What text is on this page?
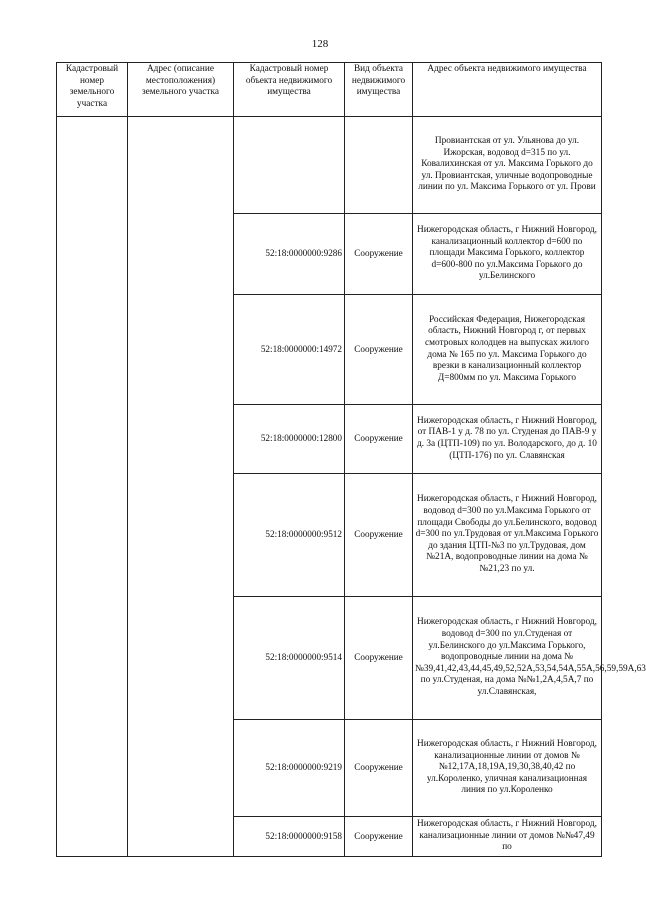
128
Кадастровый номер земельного участка	Адрес (описание местоположения) земельного участка	Кадастровый номер объекта недвижимого имущества	Вид объекта недвижимого имущества	Адрес объекта недвижимого имущества
				Провиантская от ул. Ульянова до ул. Ижорская, водовод d=315 по ул. Ковалихинская от ул. Максима Горького до ул. Провиантская, уличные водопроводные линии по ул. Максима Горького от ул. Прови
		52:18:0000000:9286	Сооружение	Нижегородская область, г Нижний Новгород, канализационный коллектор d=600 по площади Максима Горького, коллектор d=600-800 по ул.Максима Горького до ул.Белинского
		52:18:0000000:14972	Сооружение	Российская Федерация, Нижегородская область, Нижний Новгород г, от первых смотровых колодцев на выпусках жилого дома № 165 по ул. Максима Горького до врезки в канализационный коллектор Д=800мм по ул. Максима Горького
		52:18:0000000:12800	Сооружение	Нижегородская область, г Нижний Новгород, от ПАВ-1 у д. 78 по ул. Студеная до ПАВ-9 у д. 3а (ЦТП-109) по ул. Володарского, до д. 10 (ЦТП-176) по ул. Славянская
		52:18:0000000:9512	Сооружение	Нижегородская область, г Нижний Новгород, водовод d=300 по ул.Максима Горького от площади Свободы до ул.Белинского, водовод d=300 по ул.Трудовая от ул.Максима Горького до здания ЦТП-№3 по ул.Трудовая, дом №21А, водопроводные линии на дома №№21,23 по ул.
		52:18:0000000:9514	Сооружение	Нижегородская область, г Нижний Новгород, водовод d=300 по ул.Студеная от ул.Белинского до ул.Максима Горького, водопроводные линии на дома №№39,41,42,43,44,45,49,52,52А,53,54,54А,55А,56,59,59А,63 по ул.Студеная, на дома №№1,2А,4,5А,7 по ул.Славянская,
		52:18:0000000:9219	Сооружение	Нижегородская область, г Нижний Новгород, канализационные линии от домов №№12,17А,18,19А,19,30,38,40,42 по ул.Короленко, уличная канализационная линия по ул.Короленко
		52:18:0000000:9158	Сооружение	Нижегородская область, г Нижний Новгород, канализационные линии от домов №№47,49 по
